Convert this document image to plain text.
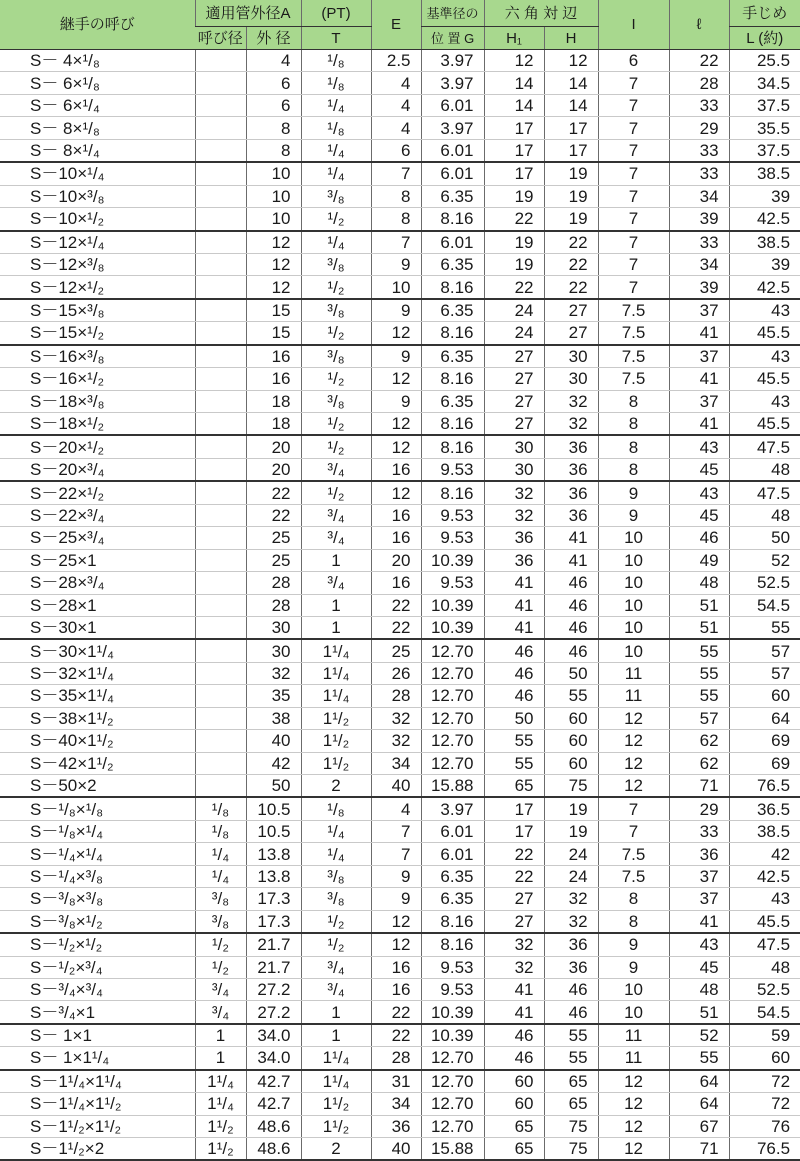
継手の呼び	適用管外径A		(PT)	E	基準径の	六 角 対 辺		I	ℓ	手じめ
	呼び径	外 径	T		位 置 G	H₁	H			L (約)
S－ 4×¹/₈		4	¹/₈	2.5	3.97	12	12	6	22	25.5
S－ 6×¹/₈		6	¹/₈	4	3.97	14	14	7	28	34.5
S－ 6×¹/₄		6	¹/₄	4	6.01	14	14	7	33	37.5
S－ 8×¹/₈		8	¹/₈	4	3.97	17	17	7	29	35.5
S－ 8×¹/₄		8	¹/₄	6	6.01	17	17	7	33	37.5
S－10×¹/₄		10	¹/₄	7	6.01	17	19	7	33	38.5
S－10×³/₈		10	³/₈	8	6.35	19	19	7	34	39
S－10×¹/₂		10	¹/₂	8	8.16	22	19	7	39	42.5
S－12×¹/₄		12	¹/₄	7	6.01	19	22	7	33	38.5
S－12×³/₈		12	³/₈	9	6.35	19	22	7	34	39
S－12×¹/₂		12	¹/₂	10	8.16	22	22	7	39	42.5
S－15×³/₈		15	³/₈	9	6.35	24	27	7.5	37	43
S－15×¹/₂		15	¹/₂	12	8.16	24	27	7.5	41	45.5
S－16×³/₈		16	³/₈	9	6.35	27	30	7.5	37	43
S－16×¹/₂		16	¹/₂	12	8.16	27	30	7.5	41	45.5
S－18×³/₈		18	³/₈	9	6.35	27	32	8	37	43
S－18×¹/₂		18	¹/₂	12	8.16	27	32	8	41	45.5
S－20×¹/₂		20	¹/₂	12	8.16	30	36	8	43	47.5
S－20×³/₄		20	³/₄	16	9.53	30	36	8	45	48
S－22×¹/₂		22	¹/₂	12	8.16	32	36	9	43	47.5
S－22×³/₄		22	³/₄	16	9.53	32	36	9	45	48
S－25×³/₄		25	³/₄	16	9.53	36	41	10	46	50
S－25×1		25	1	20	10.39	36	41	10	49	52
S－28×³/₄		28	³/₄	16	9.53	41	46	10	48	52.5
S－28×1		28	1	22	10.39	41	46	10	51	54.5
S－30×1		30	1	22	10.39	41	46	10	51	55
S－30×1¹/₄		30	1¹/₄	25	12.70	46	46	10	55	57
S－32×1¹/₄		32	1¹/₄	26	12.70	46	50	11	55	57
S－35×1¹/₄		35	1¹/₄	28	12.70	46	55	11	55	60
S－38×1¹/₂		38	1¹/₂	32	12.70	50	60	12	57	64
S－40×1¹/₂		40	1¹/₂	32	12.70	55	60	12	62	69
S－42×1¹/₂		42	1¹/₂	34	12.70	55	60	12	62	69
S－50×2		50	2	40	15.88	65	75	12	71	76.5
S－¹/₈×¹/₈	¹/₈	10.5	¹/₈	4	3.97	17	19	7	29	36.5
S－¹/₈×¹/₄	¹/₈	10.5	¹/₄	7	6.01	17	19	7	33	38.5
S－¹/₄×¹/₄	¹/₄	13.8	¹/₄	7	6.01	22	24	7.5	36	42
S－¹/₄×³/₈	¹/₄	13.8	³/₈	9	6.35	22	24	7.5	37	42.5
S－³/₈×³/₈	³/₈	17.3	³/₈	9	6.35	27	32	8	37	43
S－³/₈×¹/₂	³/₈	17.3	¹/₂	12	8.16	27	32	8	41	45.5
S－¹/₂×¹/₂	¹/₂	21.7	¹/₂	12	8.16	32	36	9	43	47.5
S－¹/₂×³/₄	¹/₂	21.7	³/₄	16	9.53	32	36	9	45	48
S－³/₄×³/₄	³/₄	27.2	³/₄	16	9.53	41	46	10	48	52.5
S－³/₄×1	³/₄	27.2	1	22	10.39	41	46	10	51	54.5
S－ 1×1	1	34.0	1	22	10.39	46	55	11	52	59
S－ 1×1¹/₄	1	34.0	1¹/₄	28	12.70	46	55	11	55	60
S－1¹/₄×1¹/₄	1¹/₄	42.7	1¹/₄	31	12.70	60	65	12	64	72
S－1¹/₄×1¹/₂	1¹/₄	42.7	1¹/₂	34	12.70	60	65	12	64	72
S－1¹/₂×1¹/₂	1¹/₂	48.6	1¹/₂	36	12.70	65	75	12	67	76
S－1¹/₂×2	1¹/₂	48.6	2	40	15.88	65	75	12	71	76.5
